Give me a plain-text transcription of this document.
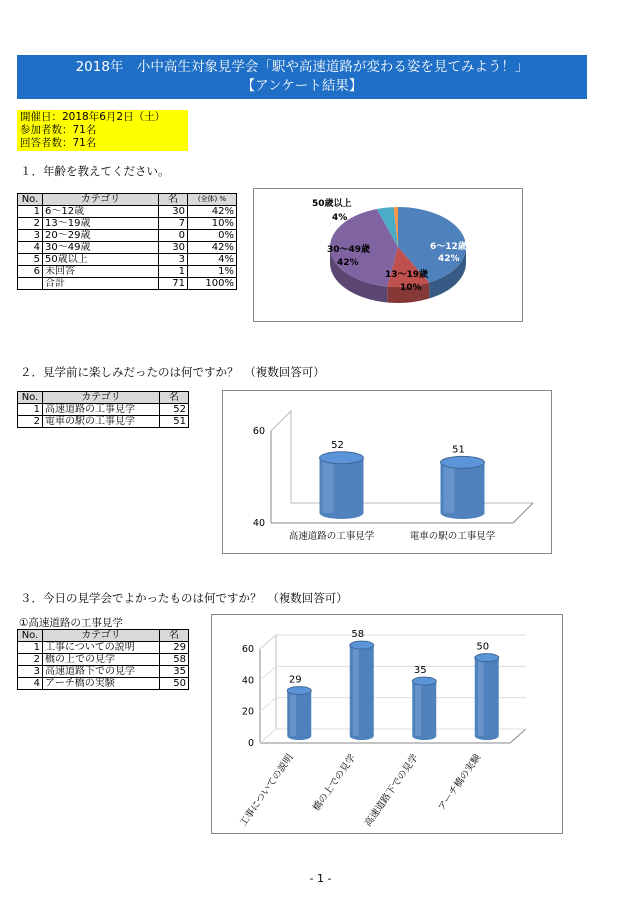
2018年　小中高生対象見学会「駅や高速道路が変わる姿を見てみよう！」
【アンケート結果】
開催日：2018年6月2日（土）
参加者数：71名
回答者数：71名
１．年齢を教えてください。
No.	カテゴリ	名	(全体) %
1	6～12歳	30	42%
2	13～19歳	7	10%
3	20～29歳	0	0%
4	30～49歳	30	42%
5	50歳以上	3	4%
6	未回答	1	1%
	合計	71	100%
6～12歳
42%
13～19歳
10%
30～49歳
42%
50歳以上
4%
２．見学前に楽しみだったのは何ですか？　（複数回答可）
No.	カテゴリ	名
1	高速道路の工事見学	52
2	電車の駅の工事見学	51
40
60
52
高速道路の工事見学
51
電車の駅の工事見学
３．今日の見学会でよかったものは何ですか？　（複数回答可）
①高速道路の工事見学
No.	カテゴリ	名
1	工事についての説明	29
2	橋の上での見学	58
3	高速道路下での見学	35
4	アーチ橋の実験	50
0
20
40
60
29
工事についての説明
58
橋の上での見学
35
高速道路下での見学
50
アーチ橋の実験
- 1 -
